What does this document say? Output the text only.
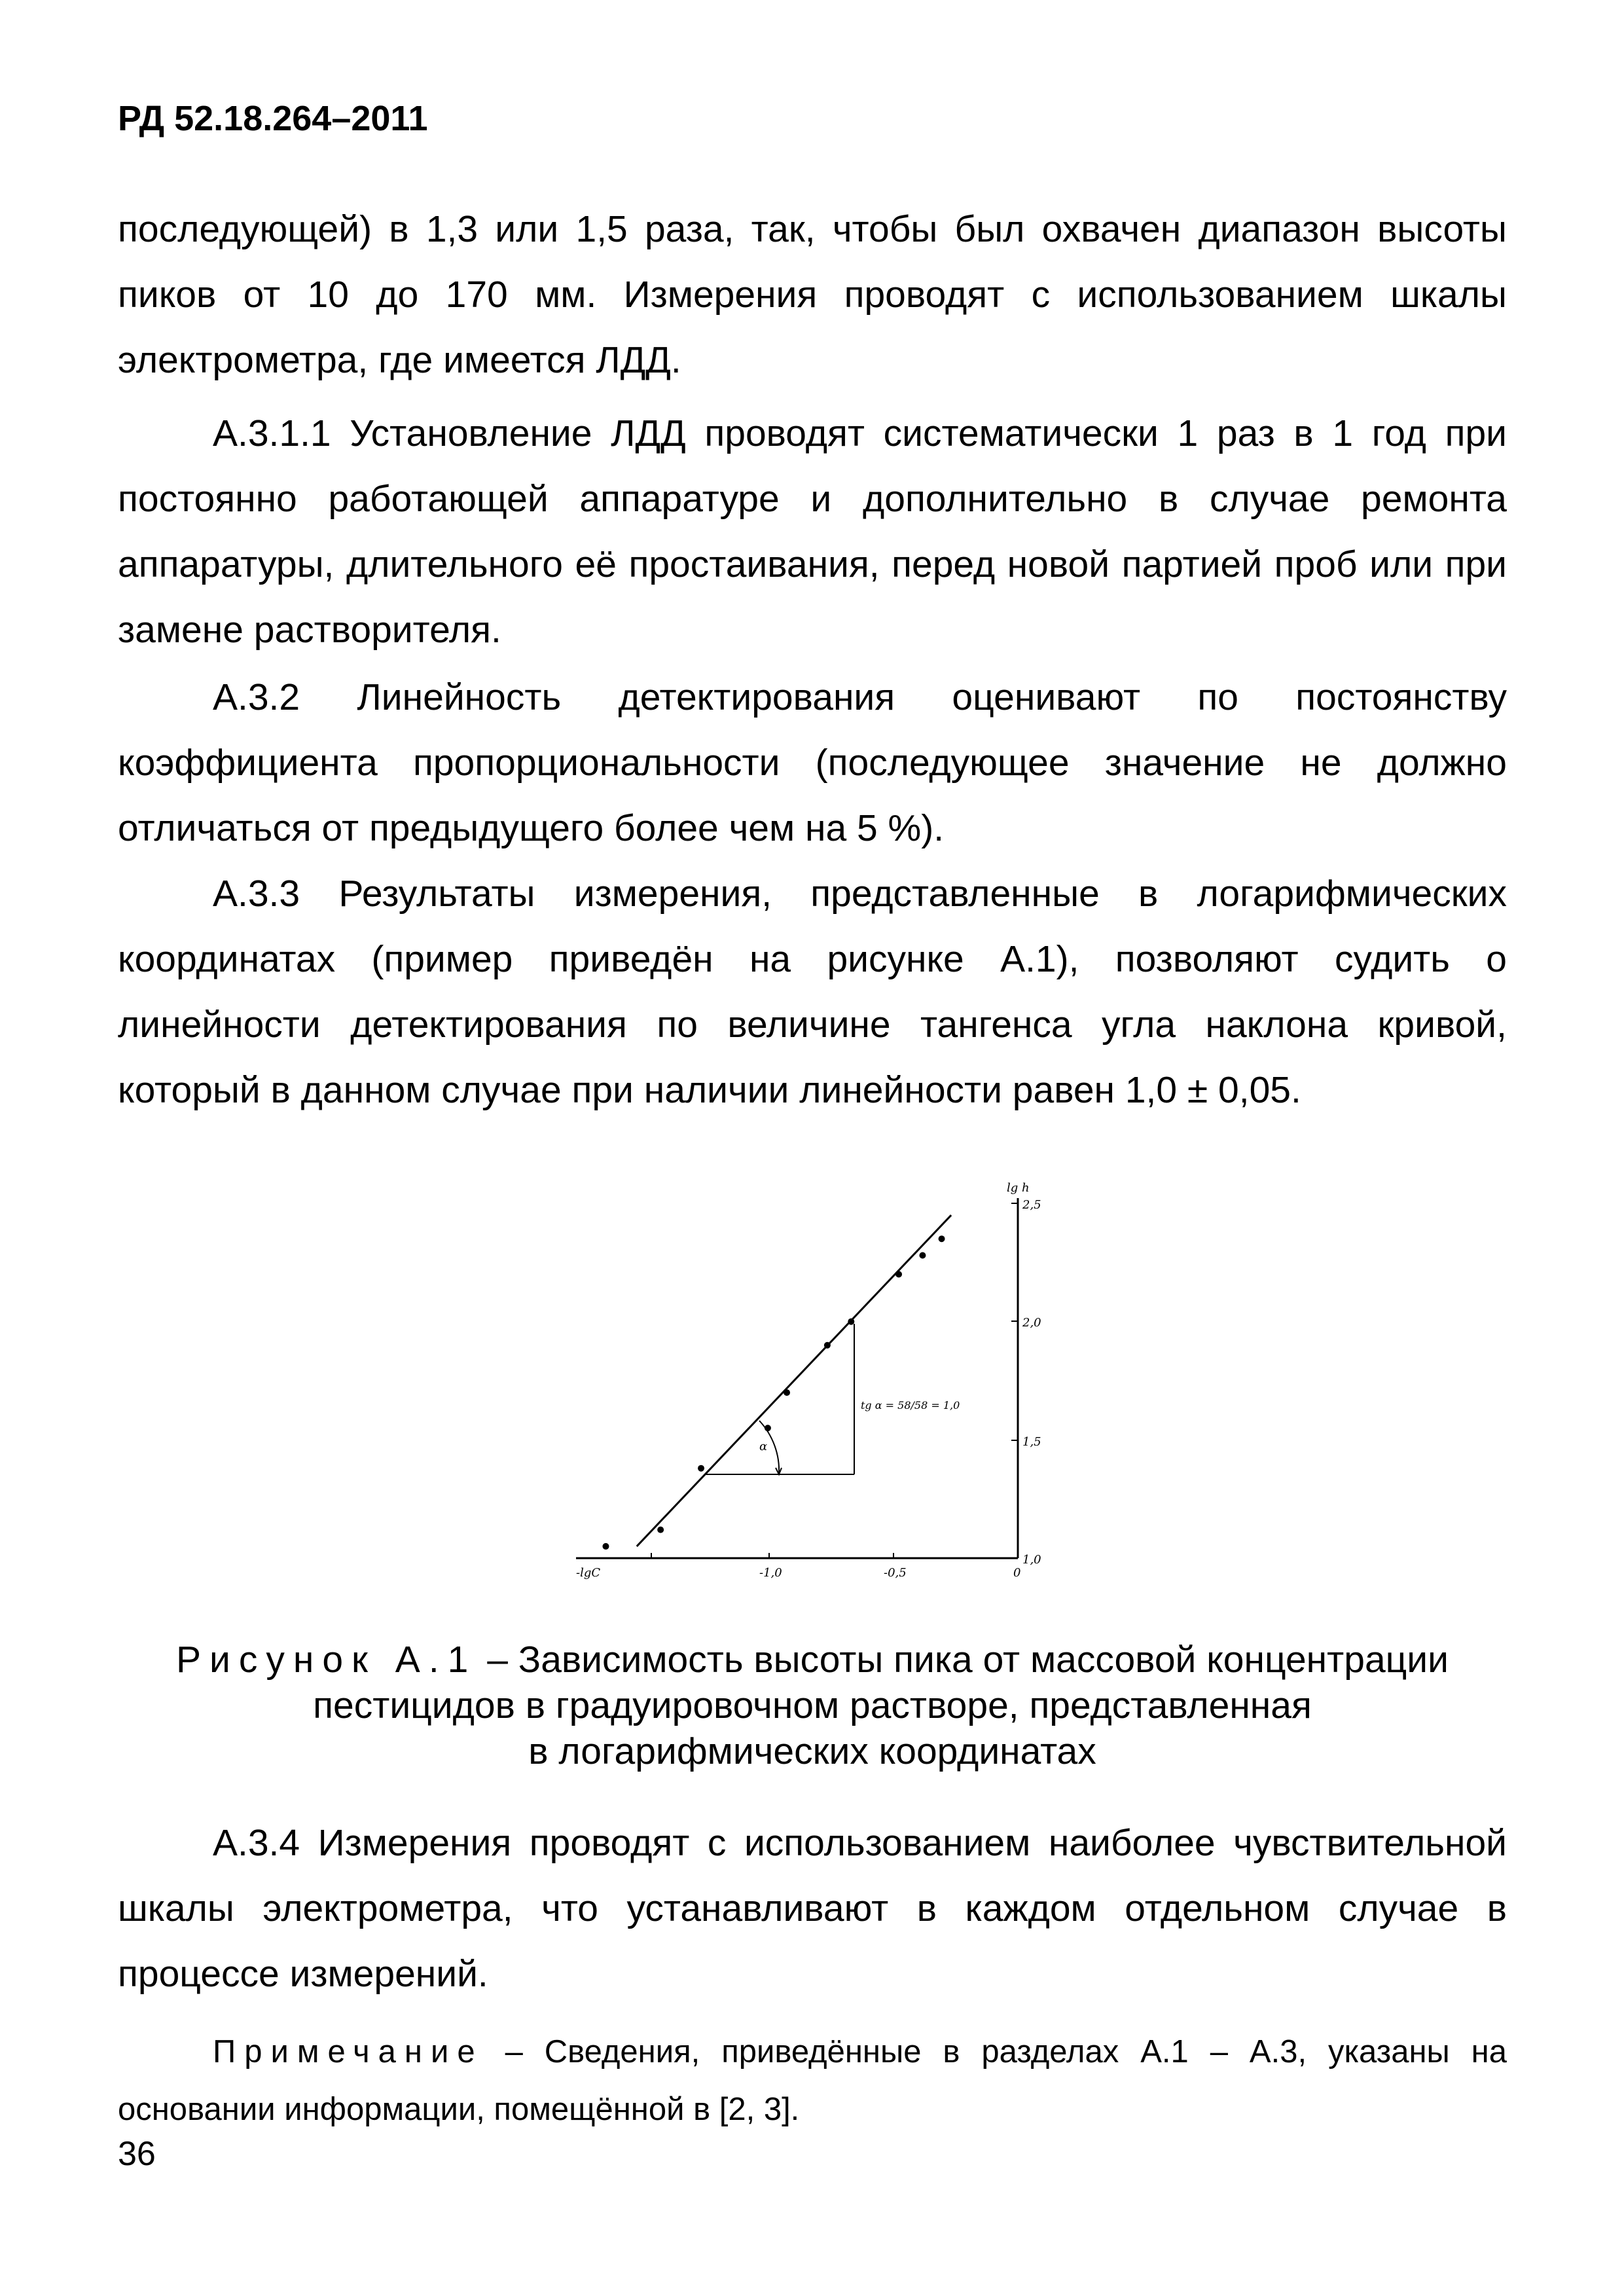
РД 52.18.264–2011

последующей) в 1,3 или 1,5 раза, так, чтобы был охвачен диапазон высоты пиков от 10 до 170 мм. Измерения проводят с использованием шкалы электрометра, где имеется ЛДД.

А.3.1.1 Установление ЛДД проводят систематически 1 раз в 1 год при постоянно работающей аппаратуре и дополнительно в случае ремонта аппаратуры, длительного её простаивания, перед новой партией проб или при замене растворителя.

А.3.2 Линейность детектирования оценивают по постоянству коэффициента пропорциональности (последующее значение не должно отличаться от предыдущего более чем на 5 %).

А.3.3 Результаты измерения, представленные в логарифмических координатах (пример приведён на рисунке А.1), позволяют судить о линейности детектирования по величине тангенса угла наклона кривой, который в данном случае при наличии линейности равен 1,0 ± 0,05.

lg h
-lgC
2,5
2,0
1,5
1,0
-1,0	-0,5	0
α
tg α = 58/58 = 1,0
Рисунок А.1 – Зависимость высоты пика от массовой концентрации
пестицидов в градуировочном растворе, представленная
в логарифмических координатах

А.3.4 Измерения проводят с использованием наиболее чувствительной шкалы электрометра, что устанавливают в каждом отдельном случае в процессе измерений.

Примечание – Сведения, приведённые в разделах А.1 – А.3, указаны на основании информации, помещённой в [2, 3].

36
